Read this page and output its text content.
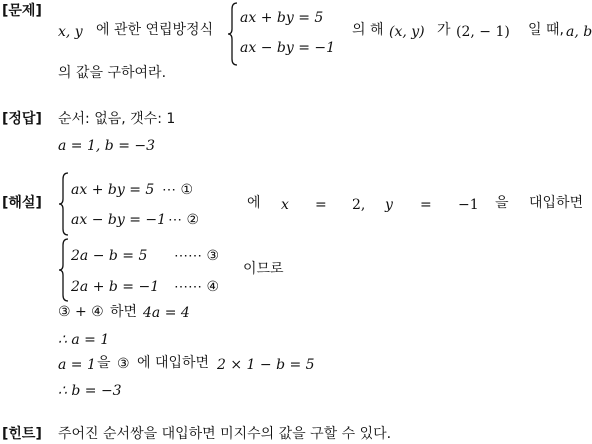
[문제]
x, y 에 관한 연립방정식
ax + by = 5
ax − by = −1
의 해 (x, y) 가 (2, − 1) 일 때, a, b
의 값을 구하여라.
[정답] 순서: 없음, 갯수: 1
a = 1, b = −3
[해설]
ax + by = 5 ⋯ ①
ax − by = −1 ⋯ ②
에 x = 2, y = −1 을 대입하면
2a − b = 5 ⋯⋯ ③
2a + b = −1 ⋯⋯ ④
이므로
③ + ④ 하면 4a = 4
∴ a = 1
a = 1 을 ③ 에 대입하면 2 × 1 − b = 5
∴ b = −3
[힌트] 주어진 순서쌍을 대입하면 미지수의 값을 구할 수 있다.
